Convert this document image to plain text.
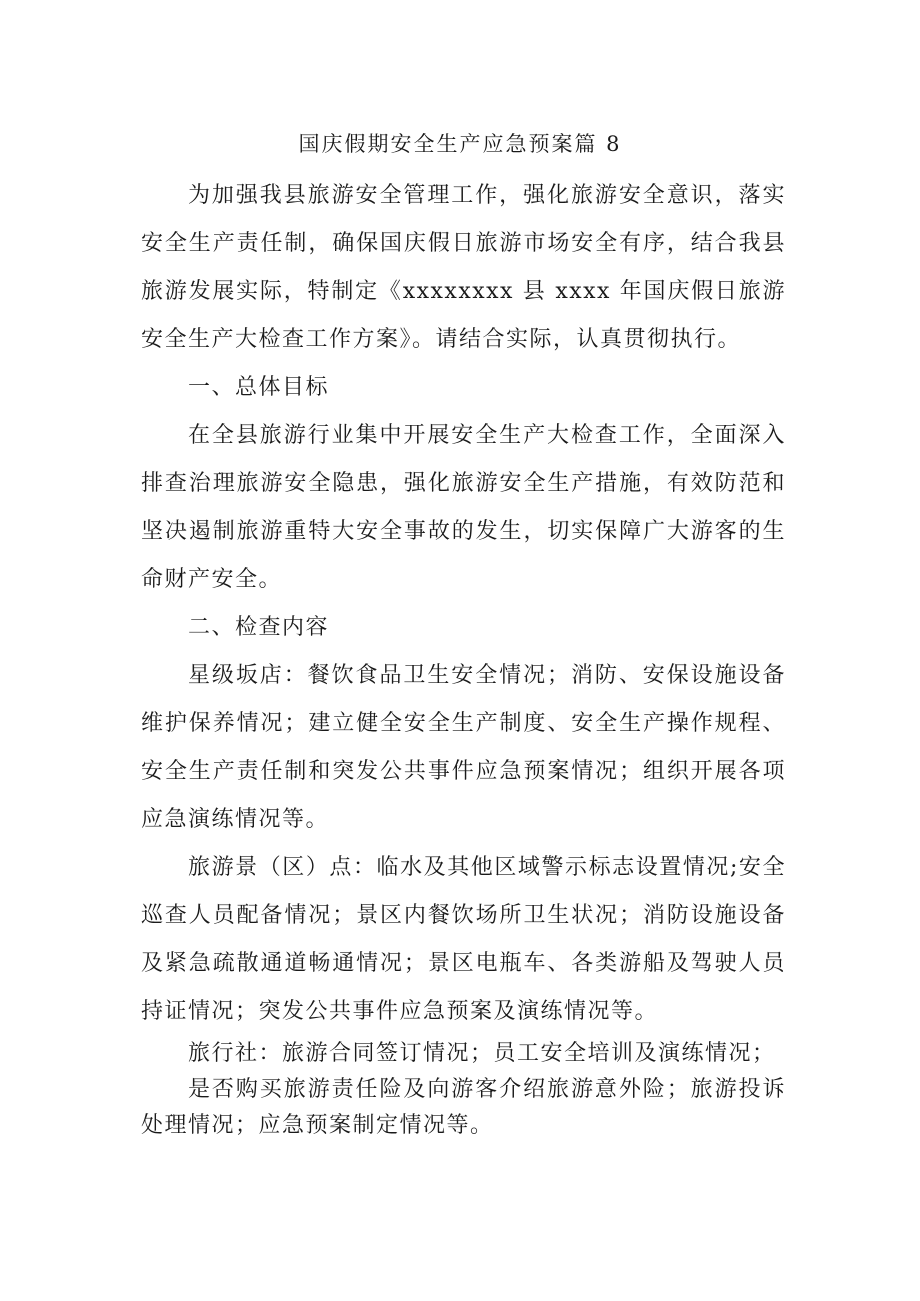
国庆假期安全生产应急预案篇 8

为加强我县旅游安全管理工作，强化旅游安全意识，落实安全生产责任制，确保国庆假日旅游市场安全有序，结合我县旅游发展实际，特制定《xxxxxxxx 县 xxxx 年国庆假日旅游安全生产大检查工作方案》。请结合实际，认真贯彻执行。

一、总体目标

在全县旅游行业集中开展安全生产大检查工作，全面深入排查治理旅游安全隐患，强化旅游安全生产措施，有效防范和坚决遏制旅游重特大安全事故的发生，切实保障广大游客的生命财产安全。

二、检查内容

星级坂店：餐饮食品卫生安全情况；消防、安保设施设备维护保养情况；建立健全安全生产制度、安全生产操作规程、安全生产责任制和突发公共事件应急预案情况；组织开展各项应急演练情况等。

旅游景（区）点：临水及其他区域警示标志设置情况;安全巡查人员配备情况；景区内餐饮场所卫生状况；消防设施设备及紧急疏散通道畅通情况；景区电瓶车、各类游船及驾驶人员持证情况；突发公共事件应急预案及演练情况等。

旅行社：旅游合同签订情况；员工安全培训及演练情况；
是否购买旅游责任险及向游客介绍旅游意外险；旅游投诉处理情况；应急预案制定情况等。
